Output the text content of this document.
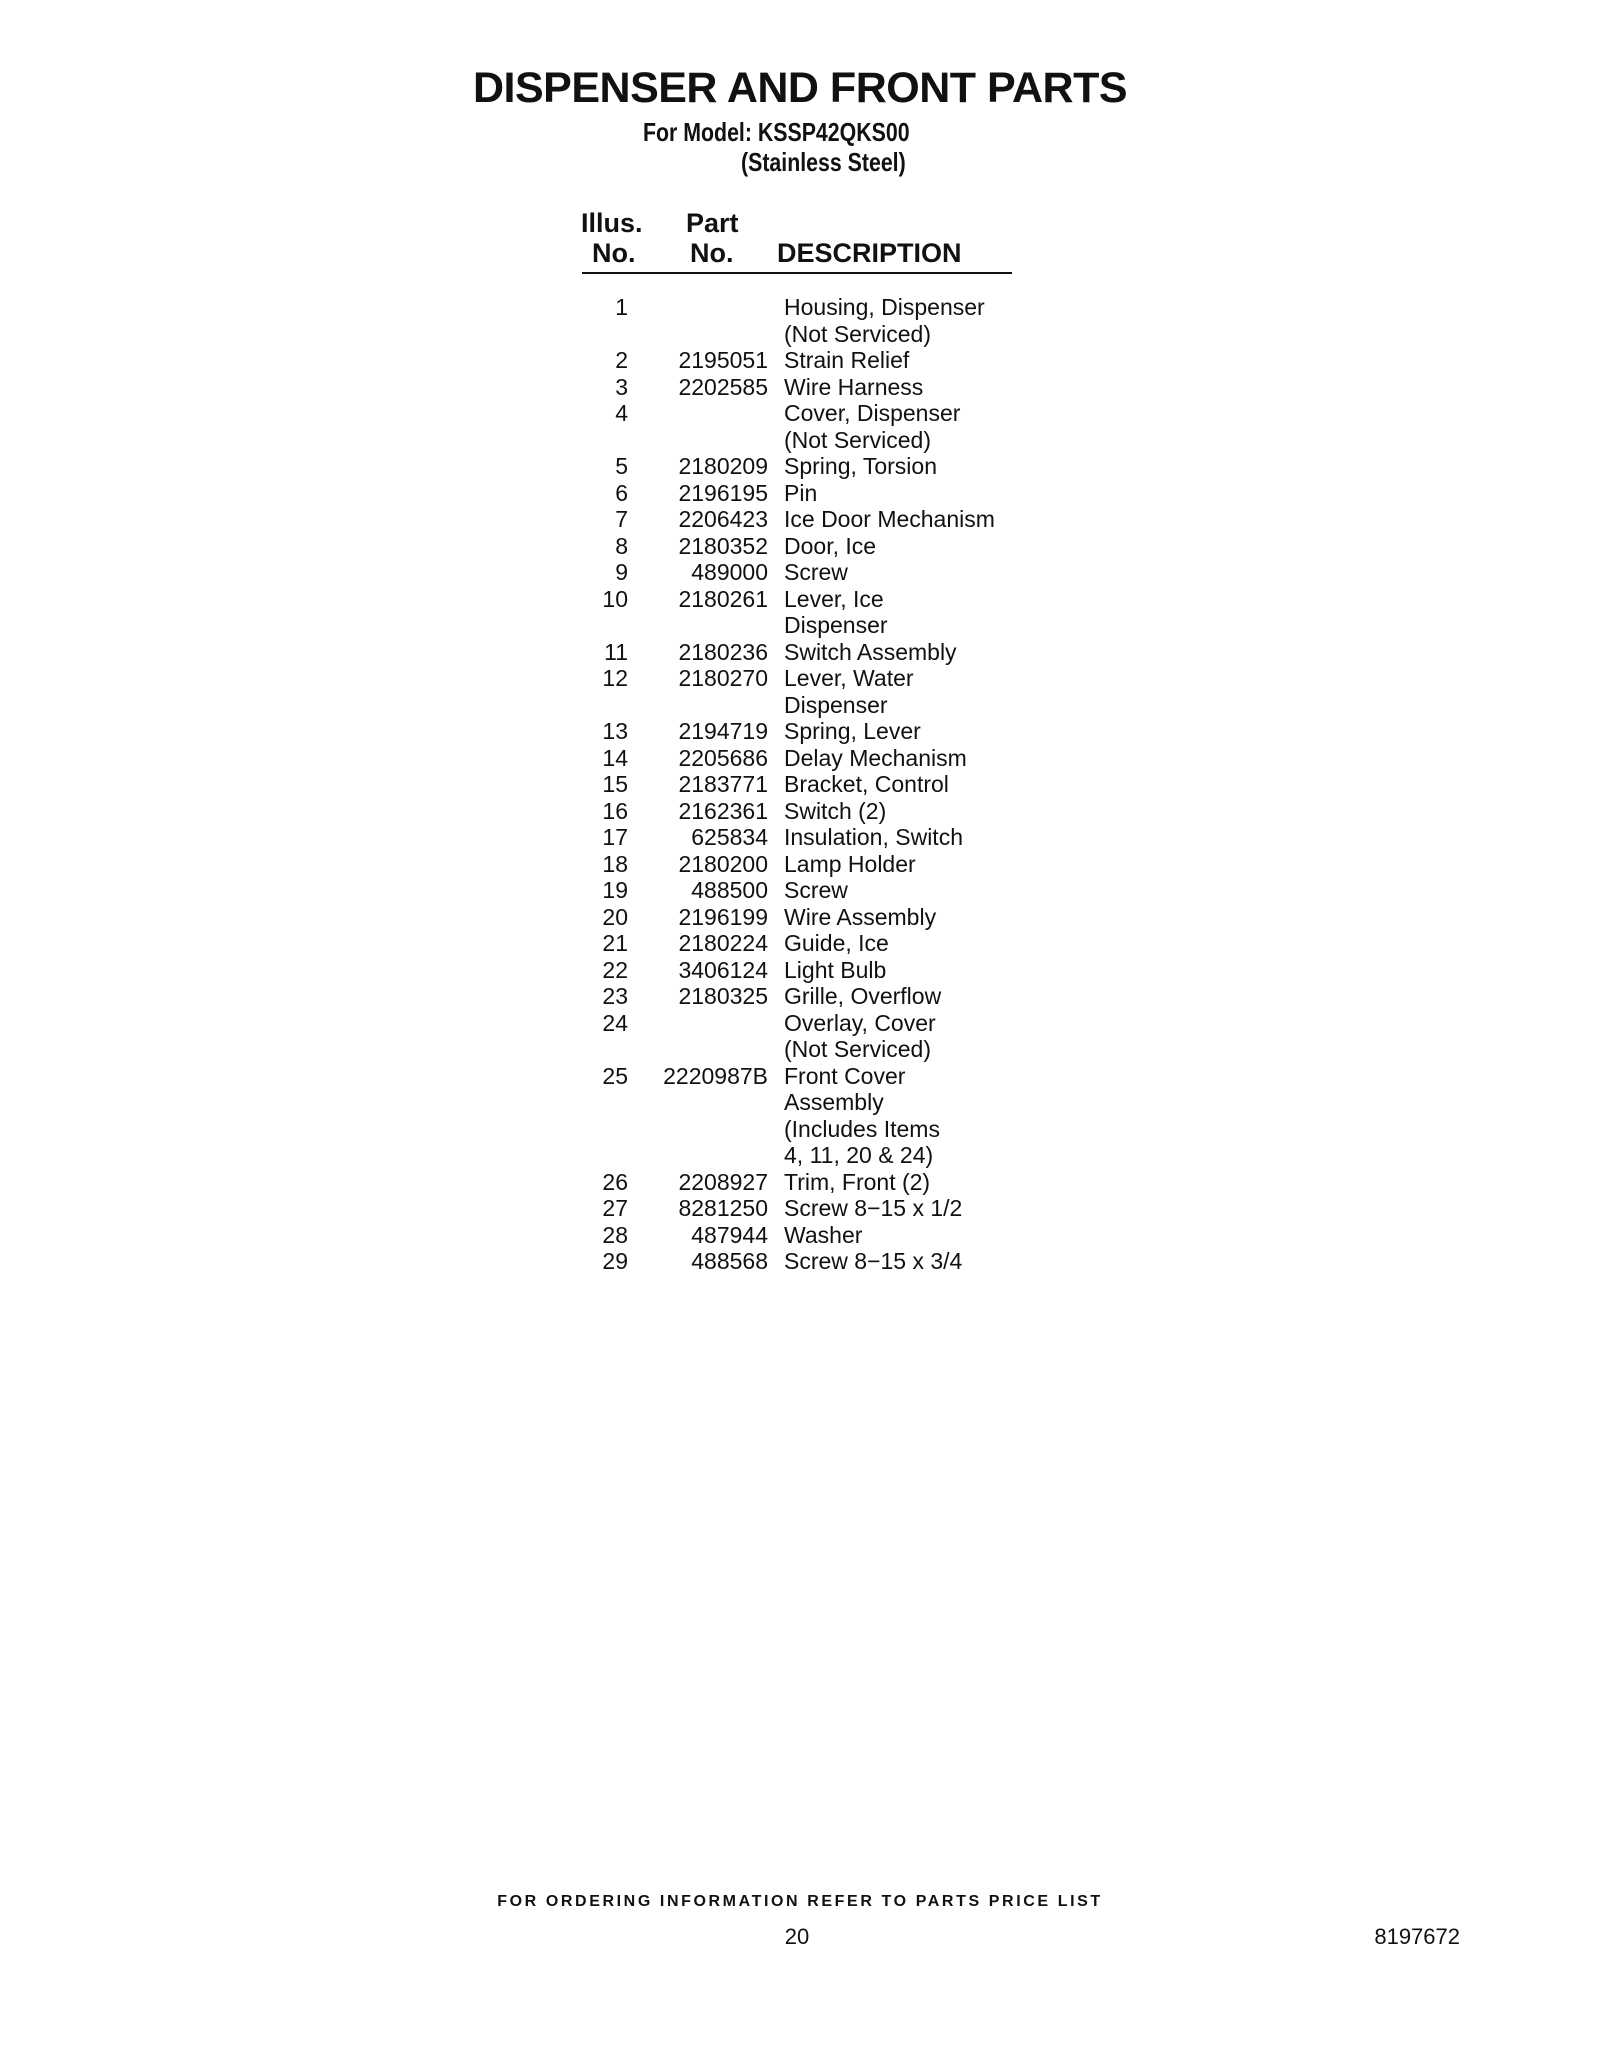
DISPENSER AND FRONT PARTS
For Model: KSSP42QKS00
(Stainless Steel)
Illus.
No.
Part
No. DESCRIPTION
1	Housing, Dispenser
(Not Serviced)
2	2195051 Strain Relief
3	2202585 Wire Harness
4	Cover, Dispenser
(Not Serviced)
5	2180209 Spring, Torsion
6	2196195 Pin
7	2206423 Ice Door Mechanism
8	2180352 Door, Ice
9	489000 Screw
10	2180261 Lever, Ice
Dispenser
11	2180236 Switch Assembly
12	2180270 Lever, Water
Dispenser
13	2194719 Spring, Lever
14	2205686 Delay Mechanism
15	2183771 Bracket, Control
16	2162361 Switch (2)
17	625834 Insulation, Switch
18	2180200 Lamp Holder
19	488500 Screw
20	2196199 Wire Assembly
21	2180224 Guide, Ice
22	3406124 Light Bulb
23	2180325 Grille, Overflow
24	Overlay, Cover
(Not Serviced)
25	2220987B Front Cover
Assembly
(Includes Items
4, 11, 20 & 24)
26	2208927 Trim, Front (2)
27	8281250 Screw 8−15 x 1/2
28	487944 Washer
29	488568 Screw 8−15 x 3/4
FOR ORDERING INFORMATION REFER TO PARTS PRICE LIST
20	8197672
